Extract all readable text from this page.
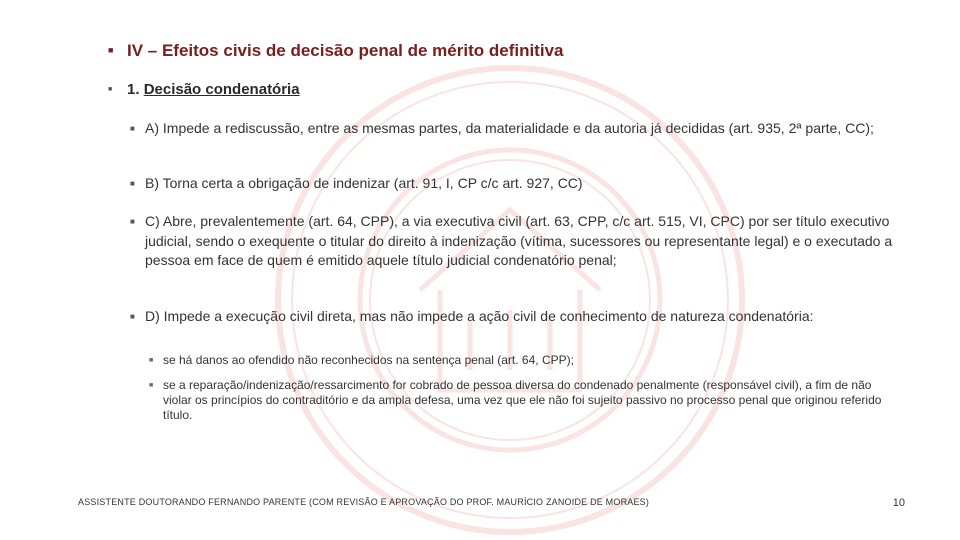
■ IV – Efeitos civis de decisão penal de mérito definitiva
■ 1. Decisão condenatória
■ A) Impede a rediscussão, entre as mesmas partes, da materialidade e da autoria já decididas (art. 935, 2ª parte, CC);
■ B) Torna certa a obrigação de indenizar (art. 91, I, CP c/c art. 927, CC)
■ C) Abre, prevalentemente (art. 64, CPP), a via executiva civil (art. 63, CPP, c/c art. 515, VI, CPC) por ser título executivo judicial, sendo o exequente o titular do direito à indenização (vítima, sucessores ou representante legal) e o executado a pessoa em face de quem é emitido aquele título judicial condenatório penal;
■ D) Impede a execução civil direta, mas não impede a ação civil de conhecimento de natureza condenatória:
■ se há danos ao ofendido não reconhecidos na sentença penal (art. 64, CPP);
■ se a reparação/indenização/ressarcimento for cobrado de pessoa diversa do condenado penalmente (responsável civil), a fim de não violar os princípios do contraditório e da ampla defesa, uma vez que ele não foi sujeito passivo no processo penal que originou referido título.
ASSISTENTE DOUTORANDO FERNANDO PARENTE (COM REVISÃO E APROVAÇÃO DO PROF. MAURÍCIO ZANOIDE DE MORAES)	10
